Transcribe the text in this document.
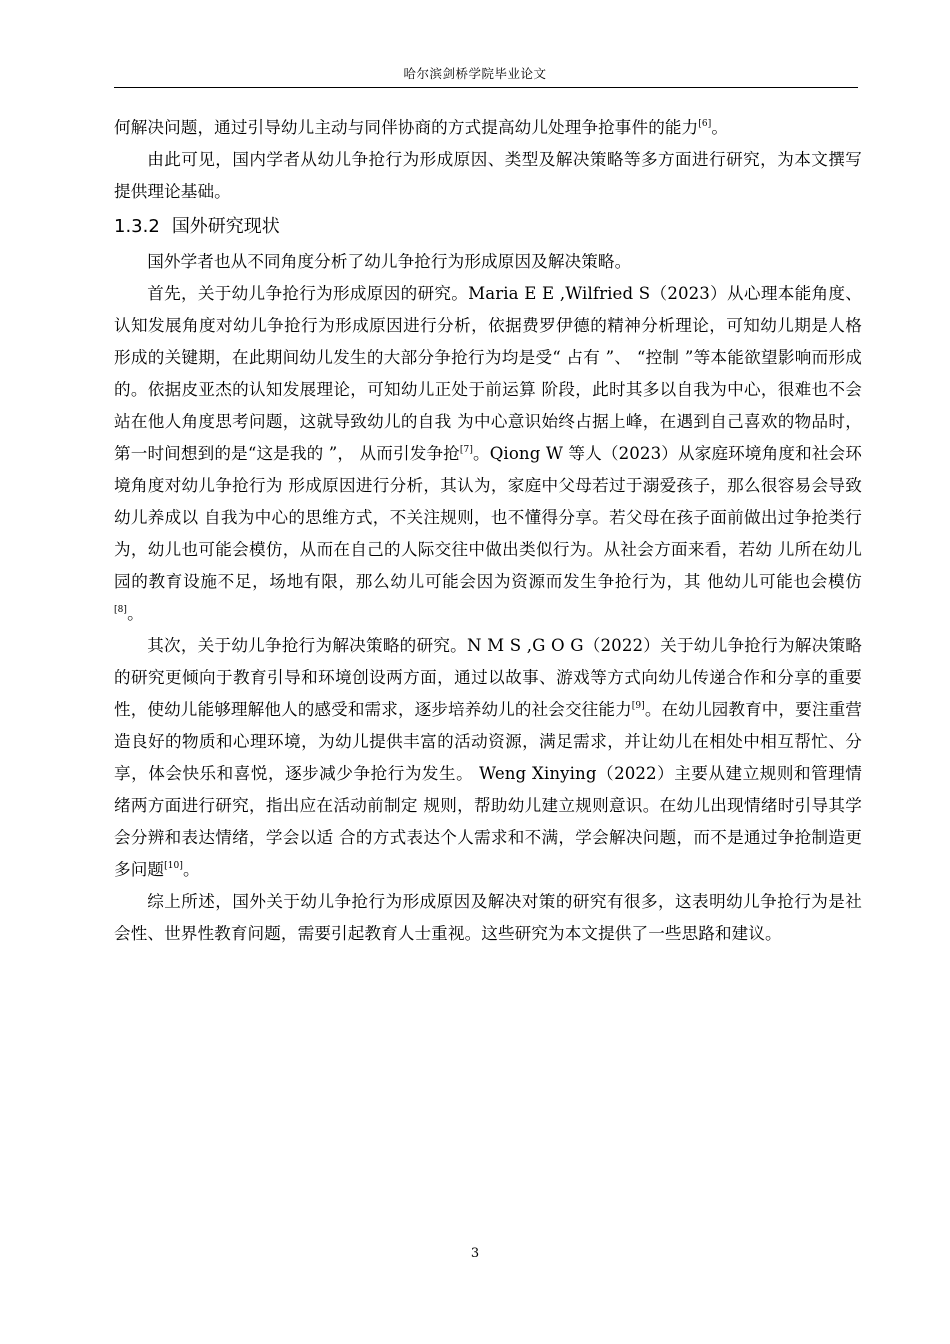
哈尔滨剑桥学院毕业论文

何解决问题，通过引导幼儿主动与同伴协商的方式提高幼儿处理争抢事件的能力[6]。

由此可见，国内学者从幼儿争抢行为形成原因、类型及解决策略等多方面进行研究，为本文撰写提供理论基础。

1.3.2 国外研究现状

国外学者也从不同角度分析了幼儿争抢行为形成原因及解决策略。

首先，关于幼儿争抢行为形成原因的研究。Maria E E ,Wilfried S（2023）从心理本能角度、认知发展角度对幼儿争抢行为形成原因进行分析，依据费罗伊德的精神分析理论，可知幼儿期是人格形成的关键期，在此期间幼儿发生的大部分争抢行为均是受“ 占有 ”、 “控制 ”等本能欲望影响而形成的。依据皮亚杰的认知发展理论，可知幼儿正处于前运算 阶段，此时其多以自我为中心，很难也不会站在他人角度思考问题，这就导致幼儿的自我 为中心意识始终占据上峰，在遇到自己喜欢的物品时，第一时间想到的是“这是我的 ”， 从而引发争抢[7]。Qiong W 等人（2023）从家庭环境角度和社会环境角度对幼儿争抢行为 形成原因进行分析，其认为，家庭中父母若过于溺爱孩子，那么很容易会导致幼儿养成以 自我为中心的思维方式，不关注规则，也不懂得分享。若父母在孩子面前做出过争抢类行 为，幼儿也可能会模仿，从而在自己的人际交往中做出类似行为。从社会方面来看，若幼 儿所在幼儿园的教育设施不足，场地有限，那么幼儿可能会因为资源而发生争抢行为，其 他幼儿可能也会模仿[8]。

其次，关于幼儿争抢行为解决策略的研究。N M S ,G O G（2022）关于幼儿争抢行为解决策略的研究更倾向于教育引导和环境创设两方面，通过以故事、游戏等方式向幼儿传递合作和分享的重要性，使幼儿能够理解他人的感受和需求，逐步培养幼儿的社会交往能力[9]。在幼儿园教育中，要注重营造良好的物质和心理环境，为幼儿提供丰富的活动资源，满足需求，并让幼儿在相处中相互帮忙、分享，体会快乐和喜悦，逐步减少争抢行为发生。 Weng Xinying（2022）主要从建立规则和管理情绪两方面进行研究，指出应在活动前制定 规则，帮助幼儿建立规则意识。在幼儿出现情绪时引导其学会分辨和表达情绪，学会以适 合的方式表达个人需求和不满，学会解决问题，而不是通过争抢制造更多问题[10]。

综上所述，国外关于幼儿争抢行为形成原因及解决对策的研究有很多，这表明幼儿争抢行为是社会性、世界性教育问题，需要引起教育人士重视。这些研究为本文提供了一些思路和建议。

3
